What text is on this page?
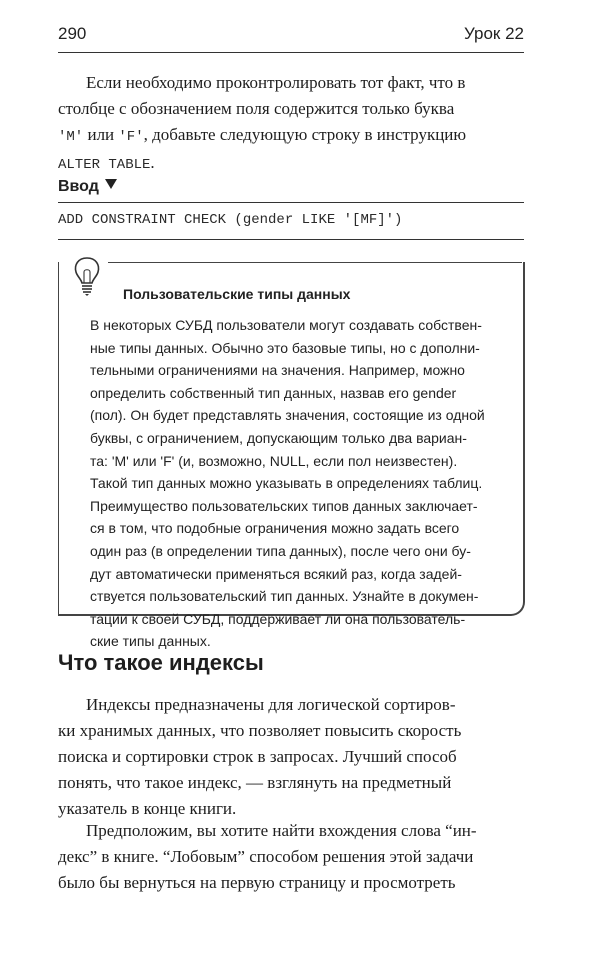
290	Урок 22
Если необходимо проконтролировать тот факт, что в
столбце с обозначением поля содержится только буква
'M' или 'F', добавьте следующую строку в инструкцию
ALTER TABLE.
Ввод
ADD CONSTRAINT CHECK (gender LIKE '[MF]')
Пользовательские типы данных
В некоторых СУБД пользователи могут создавать собствен-
ные типы данных. Обычно это базовые типы, но с дополни-
тельными ограничениями на значения. Например, можно
определить собственный тип данных, назвав его gender
(пол). Он будет представлять значения, состоящие из одной
буквы, с ограничением, допускающим только два вариан-
та: 'M' или 'F' (и, возможно, NULL, если пол неизвестен).
Такой тип данных можно указывать в определениях таблиц.
Преимущество пользовательских типов данных заключает-
ся в том, что подобные ограничения можно задать всего
один раз (в определении типа данных), после чего они бу-
дут автоматически применяться всякий раз, когда задей-
ствуется пользовательский тип данных. Узнайте в докумен-
тации к своей СУБД, поддерживает ли она пользователь-
ские типы данных.
Что такое индексы
Индексы предназначены для логической сортиров-
ки хранимых данных, что позволяет повысить скорость
поиска и сортировки строк в запросах. Лучший способ
понять, что такое индекс, — взглянуть на предметный
указатель в конце книги.
Предположим, вы хотите найти вхождения слова “ин-
декс” в книге. “Лобовым” способом решения этой задачи
было бы вернуться на первую страницу и просмотреть
